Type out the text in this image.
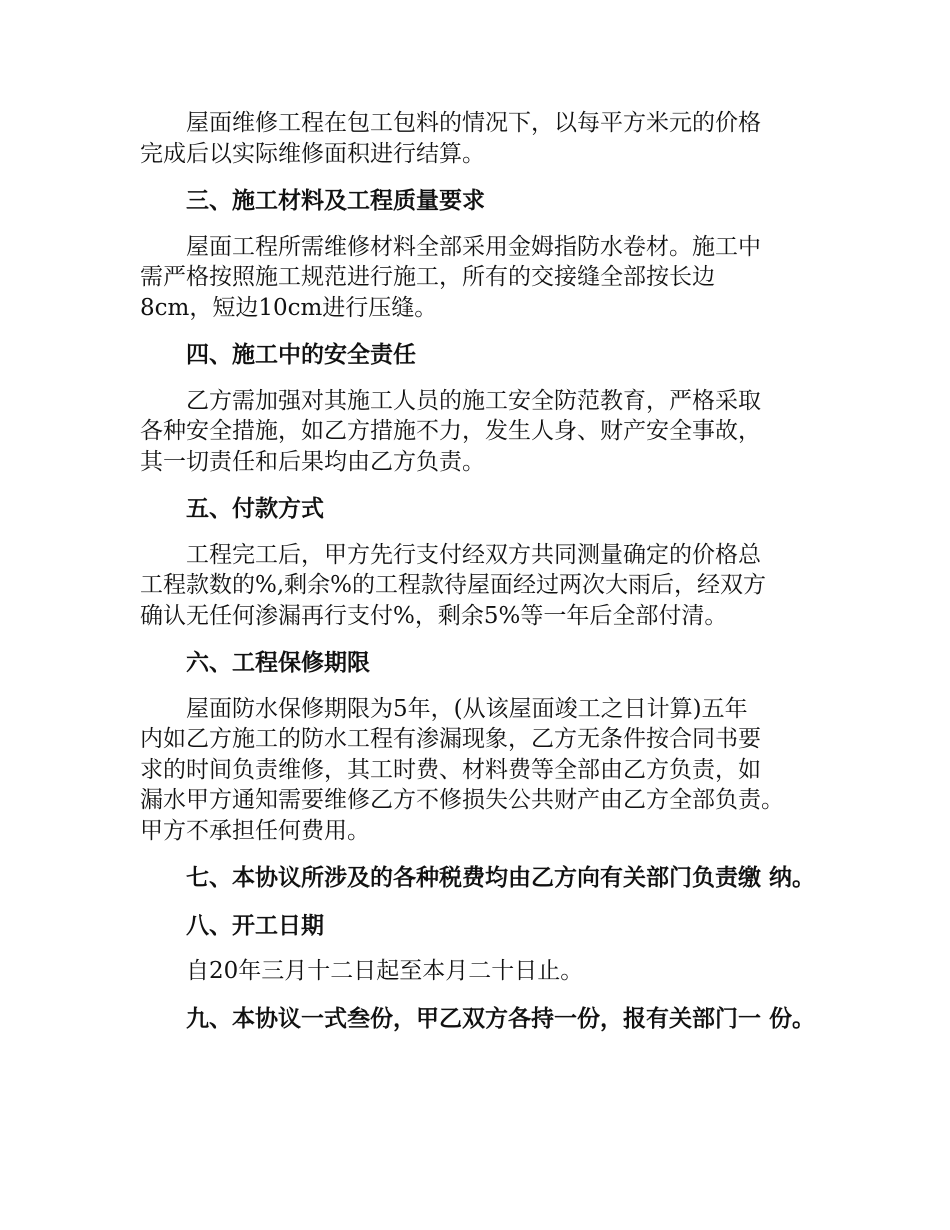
屋面维修工程在包工包料的情况下，以每平方米元的价格
完成后以实际维修面积进行结算。

三、施工材料及工程质量要求

屋面工程所需维修材料全部采用金姆指防水卷材。施工中
需严格按照施工规范进行施工，所有的交接缝全部按长边
8cm，短边10cm进行压缝。

四、施工中的安全责任

乙方需加强对其施工人员的施工安全防范教育，严格采取
各种安全措施，如乙方措施不力，发生人身、财产安全事故，
其一切责任和后果均由乙方负责。

五、付款方式

工程完工后，甲方先行支付经双方共同测量确定的价格总
工程款数的%,剩余%的工程款待屋面经过两次大雨后，经双方
确认无任何渗漏再行支付%，剩余5%等一年后全部付清。

六、工程保修期限

屋面防水保修期限为5年，(从该屋面竣工之日计算)五年
内如乙方施工的防水工程有渗漏现象，乙方无条件按合同书要
求的时间负责维修，其工时费、材料费等全部由乙方负责，如
漏水甲方通知需要维修乙方不修损失公共财产由乙方全部负责。
甲方不承担任何费用。

七、本协议所涉及的各种税费均由乙方向有关部门负责缴 纳。

八、开工日期

自20年三月十二日起至本月二十日止。

九、本协议一式叁份，甲乙双方各持一份，报有关部门一 份。
